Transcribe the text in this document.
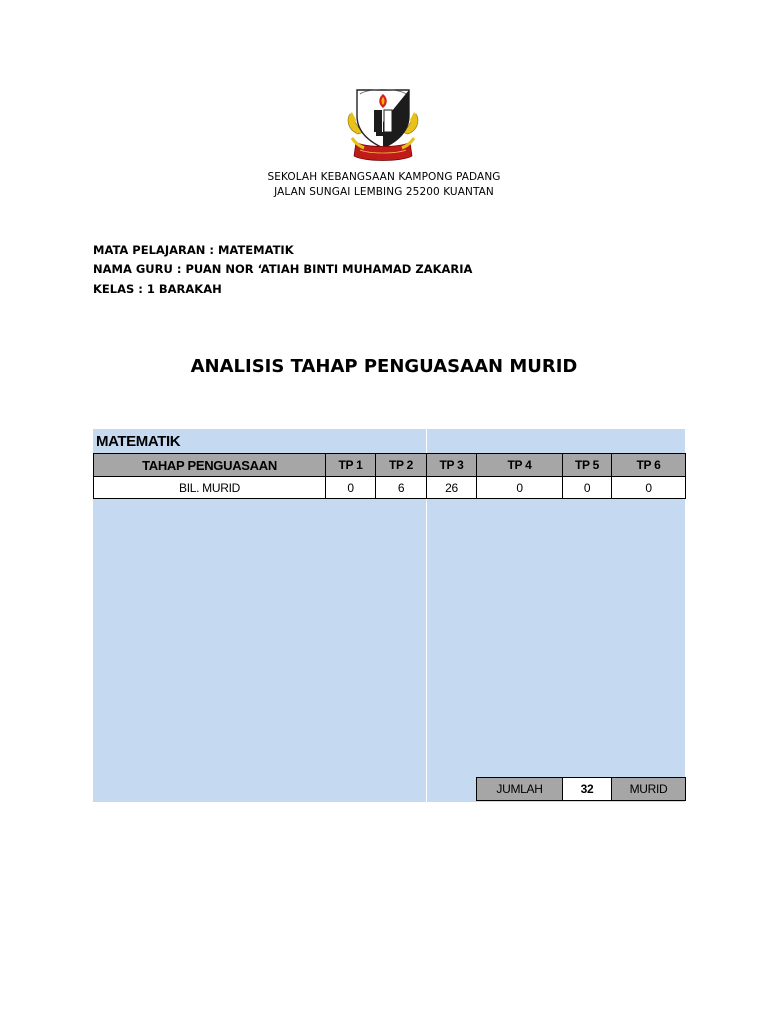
SEKOLAH KEBANGSAAN KAMPONG PADANG
JALAN SUNGAI LEMBING 25200 KUANTAN
MATA PELAJARAN : MATEMATIK
NAMA GURU : PUAN NOR ‘ATIAH BINTI MUHAMAD ZAKARIA
KELAS : 1 BARAKAH
ANALISIS TAHAP PENGUASAAN MURID
MATEMATIK
TAHAP PENGUASAAN	TP 1	TP 2	TP 3	TP 4	TP 5	TP 6
BIL. MURID	0	6	26	0	0	0
JUMLAH	32	MURID
